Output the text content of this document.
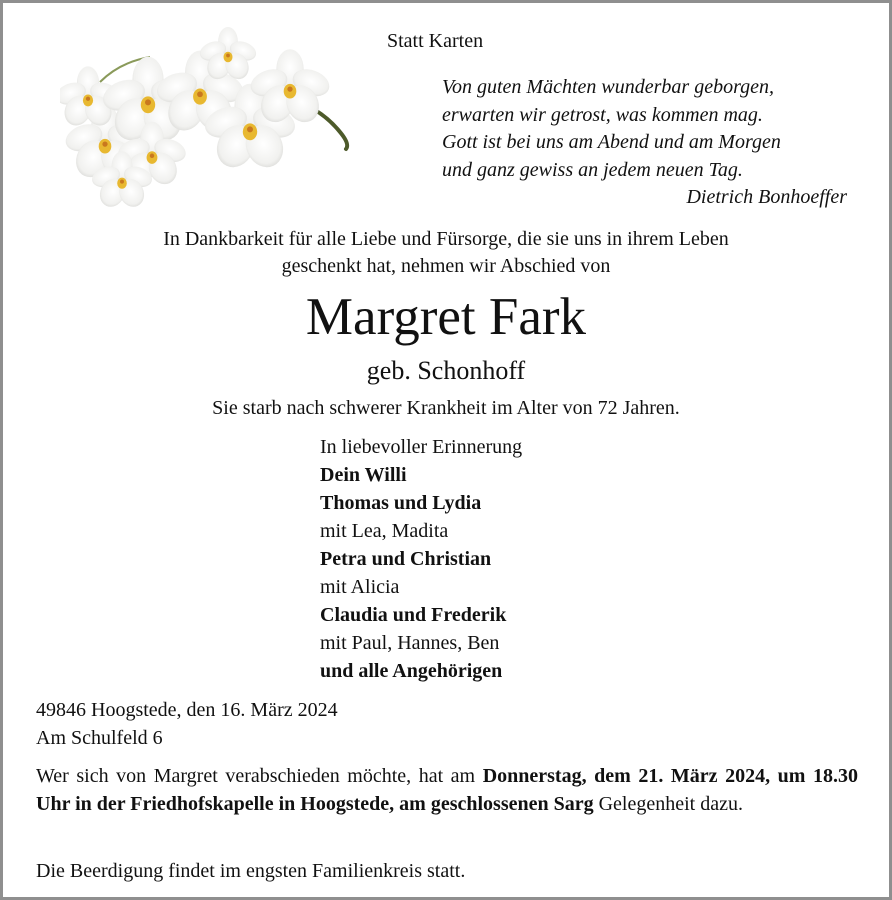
Statt Karten
Von guten Mächten wunderbar geborgen,
erwarten wir getrost, was kommen mag.
Gott ist bei uns am Abend und am Morgen
und ganz gewiss an jedem neuen Tag.
Dietrich Bonhoeffer
In Dankbarkeit für alle Liebe und Fürsorge, die sie uns in ihrem Leben
geschenkt hat, nehmen wir Abschied von
Margret Fark
geb. Schonhoff
Sie starb nach schwerer Krankheit im Alter von 72 Jahren.
In liebevoller Erinnerung
Dein Willi
Thomas und Lydia
mit Lea, Madita
Petra und Christian
mit Alicia
Claudia und Frederik
mit Paul, Hannes, Ben
und alle Angehörigen
49846 Hoogstede, den 16. März 2024
Am Schulfeld 6
Wer sich von Margret verabschieden möchte, hat am Donnerstag, dem 21. März 2024, um 18.30 Uhr in der Friedhofskapelle in Hoogstede, am geschlossenen Sarg Gelegenheit dazu.
Die Beerdigung findet im engsten Familienkreis statt.
